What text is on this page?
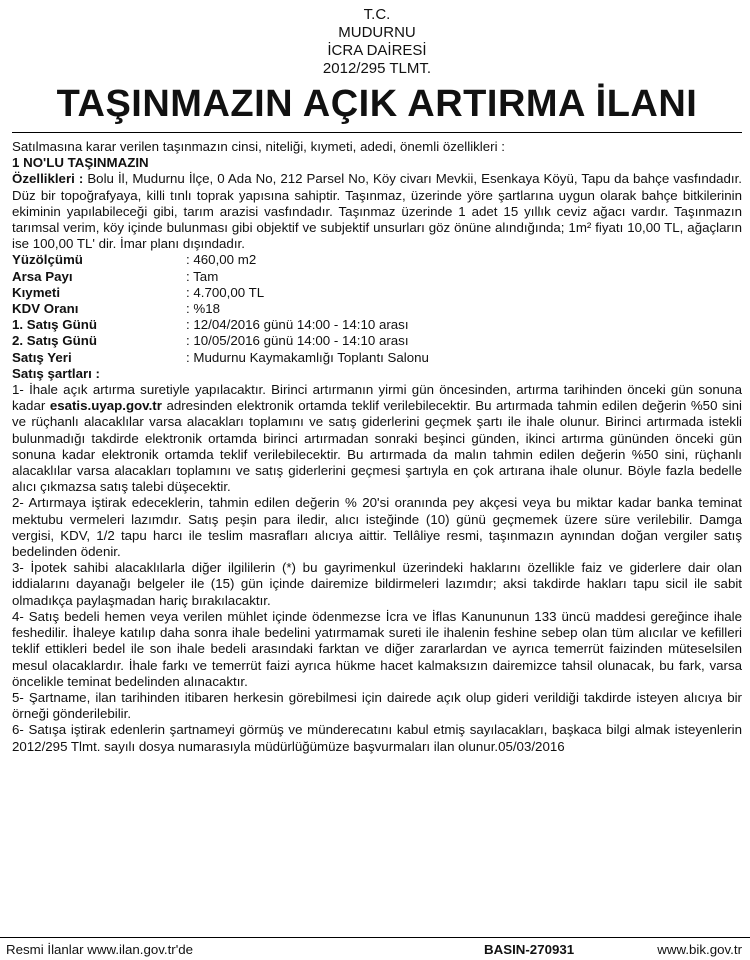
T.C.
MUDURNU
İCRA DAİRESİ
2012/295 TLMT.
TAŞINMAZIN AÇIK ARTIRMA İLANI

Satılmasına karar verilen taşınmazın cinsi, niteliği, kıymeti, adedi, önemli özellikleri :

1 NO'LU TAŞINMAZIN

Özellikleri : Bolu İl, Mudurnu İlçe, 0 Ada No, 212 Parsel No, Köy civarı Mevkii, Esenkaya Köyü, Tapu da bahçe vasfındadır. Düz bir topoğrafyaya, killi tınlı toprak yapısına sahiptir. Taşınmaz, üzerinde yöre şartlarına uygun olarak bahçe bitkilerinin ekiminin yapılabileceği gibi, tarım arazisi vasfındadır. Taşınmaz üzerinde 1 adet 15 yıllık ceviz ağacı vardır. Taşınmazın tarımsal verim, köy içinde bulunması gibi objektif ve subjektif unsurları göz önüne alındığında; 1m² fiyatı 10,00 TL, ağaçların ise 100,00 TL' dir. İmar planı dışındadır.

Yüzölçümü	: 460,00 m2
Arsa Payı	: Tam
Kıymeti	: 4.700,00 TL
KDV Oranı	: %18
1. Satış Günü	: 12/04/2016 günü 14:00 - 14:10 arası
2. Satış Günü	: 10/05/2016 günü 14:00 - 14:10 arası
Satış Yeri	: Mudurnu Kaymakamlığı Toplantı Salonu

Satış şartları :

1- İhale açık artırma suretiyle yapılacaktır. Birinci artırmanın yirmi gün öncesinden, artırma tarihinden önceki gün sonuna kadar esatis.uyap.gov.tr adresinden elektronik ortamda teklif verilebilecektir. Bu artırmada tahmin edilen değerin %50 sini ve rüçhanlı alacaklılar varsa alacakları toplamını ve satış giderlerini geçmek şartı ile ihale olunur. Birinci artırmada istekli bulunmadığı takdirde elektronik ortamda birinci artırmadan sonraki beşinci günden, ikinci artırma gününden önceki gün sonuna kadar elektronik ortamda teklif verilebilecektir. Bu artırmada da malın tahmin edilen değerin %50 sini, rüçhanlı alacaklılar varsa alacakları toplamını ve satış giderlerini geçmesi şartıyla en çok artırana ihale olunur. Böyle fazla bedelle alıcı çıkmazsa satış talebi düşecektir.

2- Artırmaya iştirak edeceklerin, tahmin edilen değerin % 20'si oranında pey akçesi veya bu miktar kadar banka teminat mektubu vermeleri lazımdır. Satış peşin para iledir, alıcı isteğinde (10) günü geçmemek üzere süre verilebilir. Damga vergisi, KDV, 1/2 tapu harcı ile teslim masrafları alıcıya aittir. Tellâliye resmi, taşınmazın aynından doğan vergiler satış bedelinden ödenir.

3- İpotek sahibi alacaklılarla diğer ilgililerin (*) bu gayrimenkul üzerindeki haklarını özellikle faiz ve giderlere dair olan iddialarını dayanağı belgeler ile (15) gün içinde dairemize bildirmeleri lazımdır; aksi takdirde hakları tapu sicil ile sabit olmadıkça paylaşmadan hariç bırakılacaktır.

4- Satış bedeli hemen veya verilen mühlet içinde ödenmezse İcra ve İflas Kanununun 133 üncü maddesi gereğince ihale feshedilir. İhaleye katılıp daha sonra ihale bedelini yatırmamak sureti ile ihalenin feshine sebep olan tüm alıcılar ve kefilleri teklif ettikleri bedel ile son ihale bedeli arasındaki farktan ve diğer zararlardan ve ayrıca temerrüt faizinden müteselsilen mesul olacaklardır. İhale farkı ve temerrüt faizi ayrıca hükme hacet kalmaksızın dairemizce tahsil olunacak, bu fark, varsa öncelikle teminat bedelinden alınacaktır.

5- Şartname, ilan tarihinden itibaren herkesin görebilmesi için dairede açık olup gideri verildiği takdirde isteyen alıcıya bir örneği gönderilebilir.

6- Satışa iştirak edenlerin şartnameyi görmüş ve münderecatını kabul etmiş sayılacakları, başkaca bilgi almak isteyenlerin 2012/295 Tlmt. sayılı dosya numarasıyla müdürlüğümüze başvurmaları ilan olunur.05/03/2016

Resmi İlanlar www.ilan.gov.tr'de	BASIN-270931	www.bik.gov.tr
